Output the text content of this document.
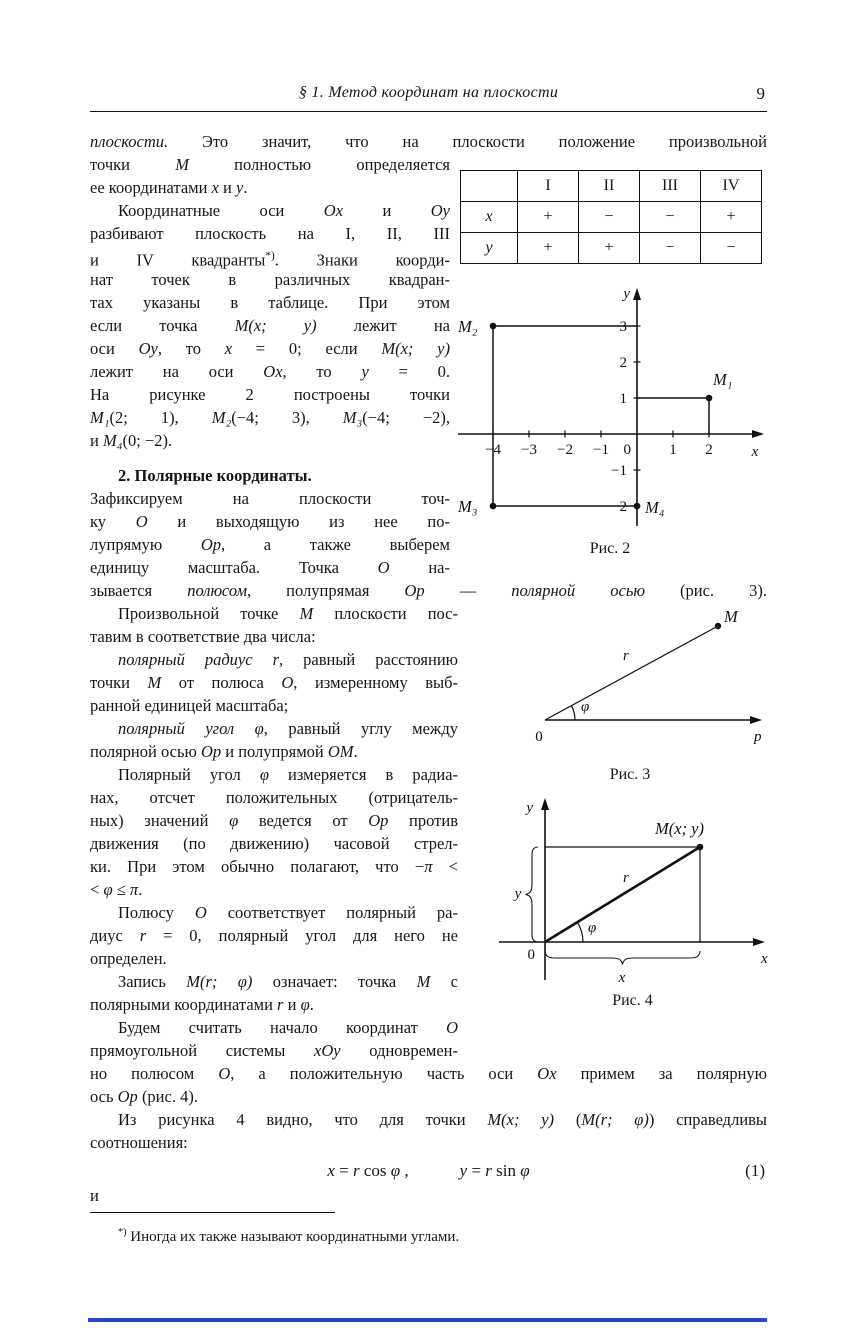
§ 1. Метод координат на плоскости	9
плоскости. Это значит, что на плоскости положение произвольной
точки M полностью определяется
ее координатами x и y.
Координатные оси Ox и Oy
разбивают плоскость на I, II, III
и IV квадранты*). Знаки коорди-
нат точек в различных квадран-
тах указаны в таблице. При этом
если точка M(x; y) лежит на
оси Oy, то x = 0; если M(x; y)
лежит на оси Ox, то y = 0.
На рисунке 2 построены точки
M₁(2; 1), M₂(−4; 3), M₃(−4; −2),
и M₄(0; −2).
2. Полярные координаты.
Зафиксируем на плоскости точ-
ку O и выходящую из нее по-
лупрямую Op, а также выберем
единицу масштаба. Точка O на-
зывается полюсом, полупрямая Op — полярной осью (рис. 3).
Произвольной точке M плоскости пос-
тавим в соответствие два числа:
полярный радиус r, равный расстоянию
точки M от полюса O, измеренному выб-
ранной единицей масштаба;
полярный угол φ, равный углу между
полярной осью Op и полупрямой OM.
Полярный угол φ измеряется в радиа-
нах, отсчет положительных (отрицатель-
ных) значений φ ведется от Op против
движения (по движению) часовой стрел-
ки. При этом обычно полагают, что −π <
< φ ≤ π.
Полюсу O соответствует полярный ра-
диус r = 0, полярный угол для него не
определен.
Запись M(r; φ) означает: точка M с
полярными координатами r и φ.
Будем считать начало координат O
прямоугольной системы xOy одновремен-
но полюсом O, а положительную часть оси Ox примем за полярную
ось Op (рис. 4).
Из рисунка 4 видно, что для точки M(x; y) (M(r; φ)) справедливы
соотношения:
	I	II	III	IV
x	+	−	−	+
y	+	+	−	−
y
x
−4 −3 −2 −1 0	1 2
3
2
1
−1
−2
M₁
M₂
M₃	M₄
Рис. 2
0	p
M
r
φ
Рис. 3
y
x
0
M(x; y)
r
φ
y
x
Рис. 4
x = r cos φ ,   y = r sin φ	(1)
и
*) Иногда их также называют координатными углами.
